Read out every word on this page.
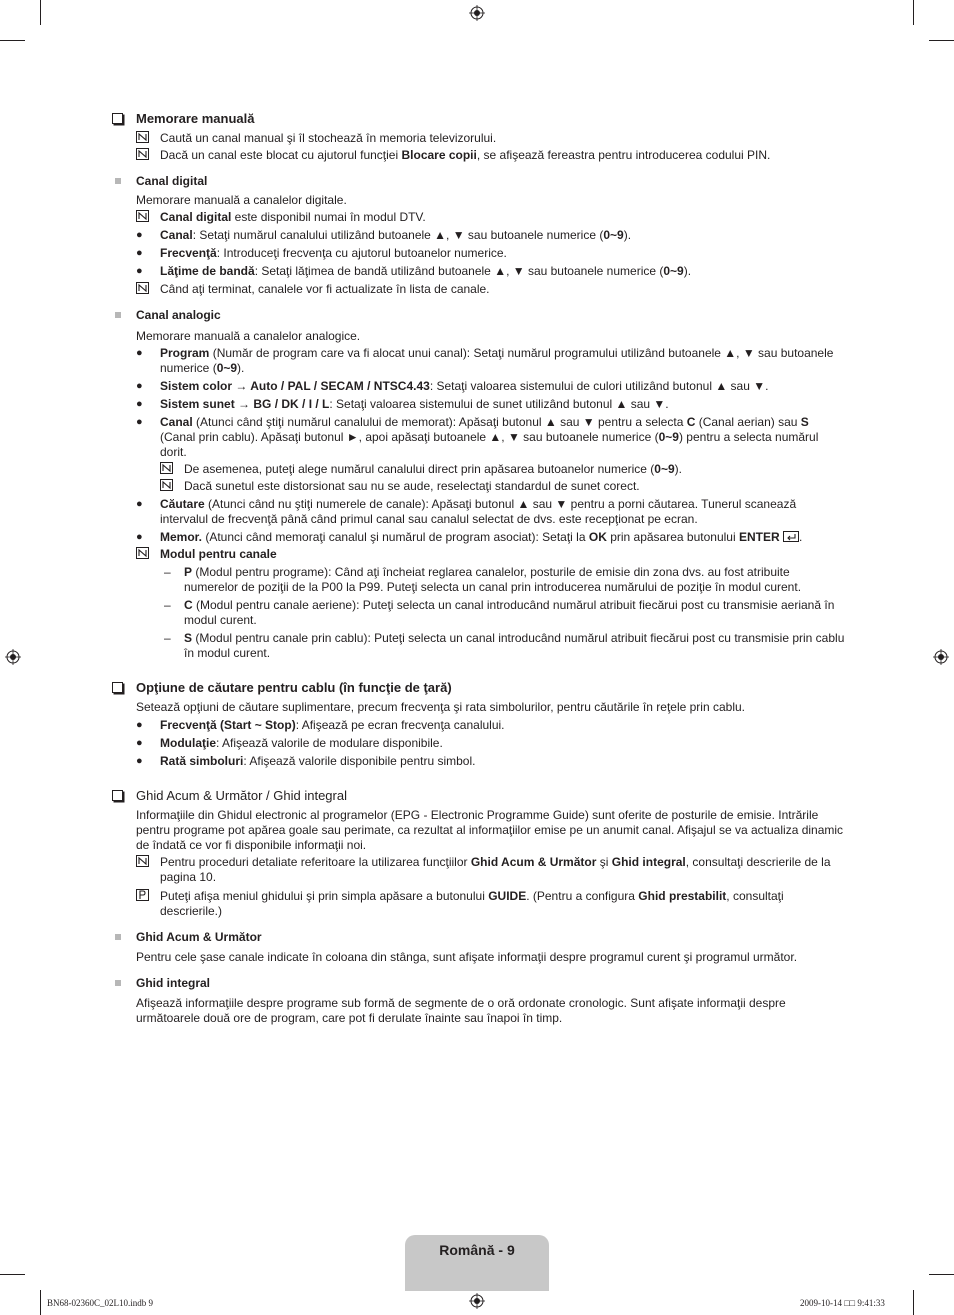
Memorare manuală
Caută un canal manual şi îl stochează în memoria televizorului.
Dacă un canal este blocat cu ajutorul funcţiei Blocare copii, se afişează fereastra pentru introducerea codului PIN.
Canal digital
Memorare manuală a canalelor digitale.
Canal digital este disponibil numai în modul DTV.
●	Canal: Setaţi numărul canalului utilizând butoanele ▲, ▼ sau butoanele numerice (0~9).
●	Frecvenţă: Introduceţi frecvenţa cu ajutorul butoanelor numerice.
●	Lăţime de bandă: Setaţi lăţimea de bandă utilizând butoanele ▲, ▼ sau butoanele numerice (0~9).
Când aţi terminat, canalele vor fi actualizate în lista de canale.
Canal analogic
Memorare manuală a canalelor analogice.
●	Program (Număr de program care va fi alocat unui canal): Setaţi numărul programului utilizând butoanele ▲, ▼ sau butoanele numerice (0~9).
●	Sistem color → Auto / PAL / SECAM / NTSC4.43: Setaţi valoarea sistemului de culori utilizând butonul ▲ sau ▼.
●	Sistem sunet → BG / DK / I / L: Setaţi valoarea sistemului de sunet utilizând butonul ▲ sau ▼.
●	Canal (Atunci când ştiţi numărul canalului de memorat): Apăsaţi butonul ▲ sau ▼ pentru a selecta C (Canal aerian) sau S (Canal prin cablu). Apăsaţi butonul ►, apoi apăsaţi butoanele ▲, ▼ sau butoanele numerice (0~9) pentru a selecta numărul dorit.
De asemenea, puteţi alege numărul canalului direct prin apăsarea butoanelor numerice (0~9).
Dacă sunetul este distorsionat sau nu se aude, reselectaţi standardul de sunet corect.
●	Căutare (Atunci când nu ştiţi numerele de canale): Apăsaţi butonul ▲ sau ▼ pentru a porni căutarea. Tunerul scanează intervalul de frecvenţă până când primul canal sau canalul selectat de dvs. este recepţionat pe ecran.
●	Memor. (Atunci când memoraţi canalul şi numărul de program asociat): Setaţi la OK prin apăsarea butonului ENTER .
Modul pentru canale
– P (Modul pentru programe): Când aţi încheiat reglarea canalelor, posturile de emisie din zona dvs. au fost atribuite numerelor de poziţii de la P00 la P99. Puteţi selecta un canal prin introducerea numărului de poziţie în modul curent.
– C (Modul pentru canale aeriene): Puteţi selecta un canal introducând numărul atribuit fiecărui post cu transmisie aeriană în modul curent.
– S (Modul pentru canale prin cablu): Puteţi selecta un canal introducând numărul atribuit fiecărui post cu transmisie prin cablu în modul curent.
Opţiune de căutare pentru cablu (în funcţie de ţară)
Setează opţiuni de căutare suplimentare, precum frecvenţa şi rata simbolurilor, pentru căutările în reţele prin cablu.
●	Frecvenţă (Start ~ Stop): Afişează pe ecran frecvenţa canalului.
●	Modulaţie: Afişează valorile de modulare disponibile.
●	Rată simboluri: Afişează valorile disponibile pentru simbol.
Ghid Acum & Următor / Ghid integral
Informaţiile din Ghidul electronic al programelor (EPG - Electronic Programme Guide) sunt oferite de posturile de emisie. Intrările pentru programe pot apărea goale sau perimate, ca rezultat al informaţiilor emise pe un anumit canal. Afişajul se va actualiza dinamic de îndată ce vor fi disponibile informaţii noi.
Pentru proceduri detaliate referitoare la utilizarea funcţiilor Ghid Acum & Următor şi Ghid integral, consultaţi descrierile de la pagina 10.
Puteţi afişa meniul ghidului şi prin simpla apăsare a butonului GUIDE. (Pentru a configura Ghid prestabilit, consultaţi descrierile.)
Ghid Acum & Următor
Pentru cele şase canale indicate în coloana din stânga, sunt afişate informaţii despre programul curent şi programul următor.
Ghid integral
Afişează informaţiile despre programe sub formă de segmente de o oră ordonate cronologic. Sunt afişate informaţii despre următoarele două ore de program, care pot fi derulate înainte sau înapoi în timp.
Română - 9
BN68-02360C_02L10.indb 9	2009-10-14 □□ 9:41:33
